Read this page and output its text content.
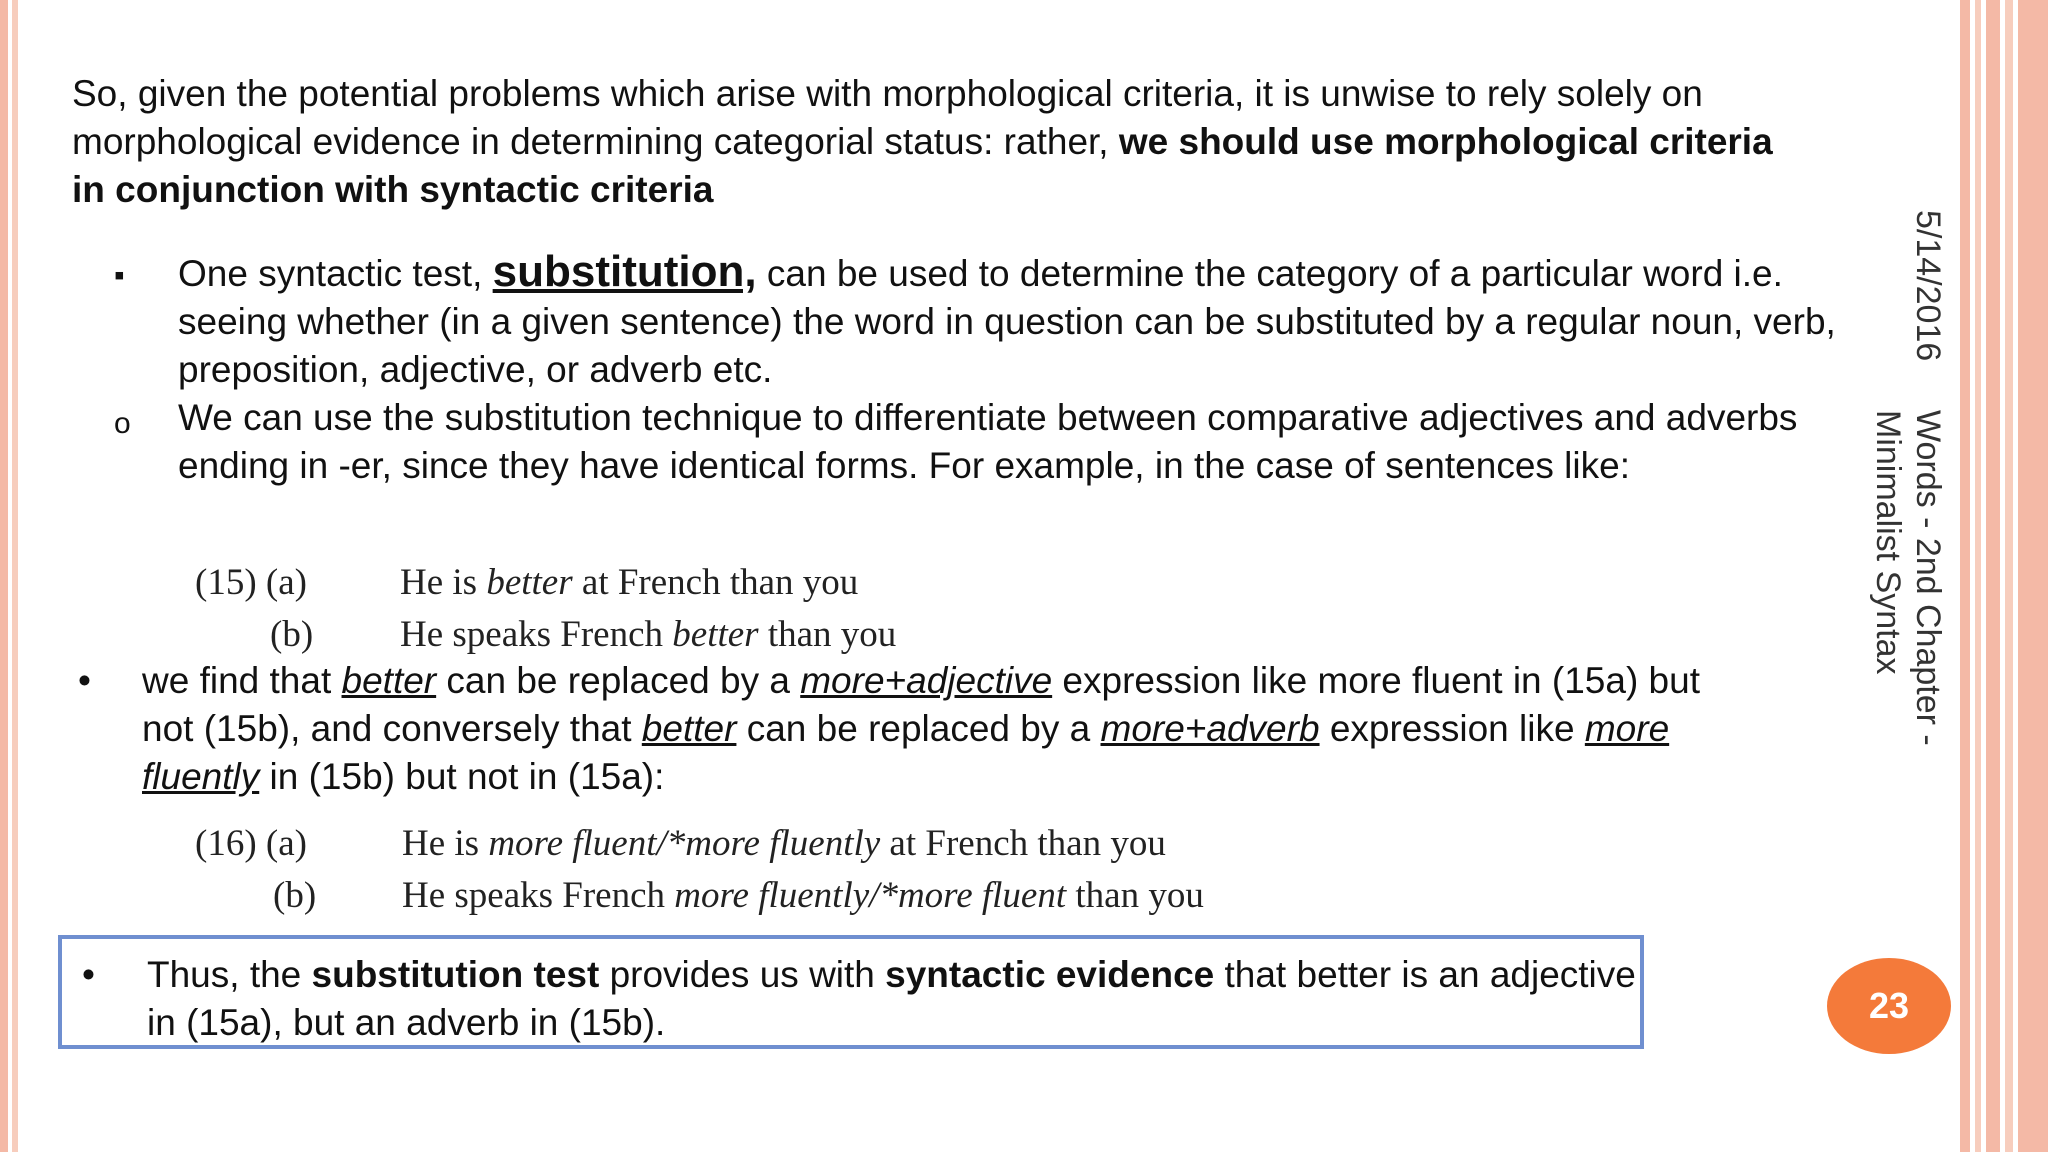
So, given the potential problems which arise with morphological criteria, it is unwise to rely solely on morphological evidence in determining categorial status: rather, we should use morphological criteria in conjunction with syntactic criteria

▪ One syntactic test, substitution, can be used to determine the category of a particular word i.e. seeing whether (in a given sentence) the word in question can be substituted by a regular noun, verb, preposition, adjective, or adverb etc.
o We can use the substitution technique to differentiate between comparative adjectives and adverbs ending in -er, since they have identical forms. For example, in the case of sentences like:
(15) (a)	He is better at French than you
(b) He speaks French better than you
• we find that better can be replaced by a more+adjective expression like more fluent in (15a) but not (15b), and conversely that better can be replaced by a more+adverb expression like more fluently in (15b) but not in (15a):
(16) (a)	He is more fluent/*more fluently at French than you
(b) He speaks French more fluently/*more fluent than you
• Thus, the substitution test provides us with syntactic evidence that better is an adjective in (15a), but an adverb in (15b).
5/14/2016
Words - 2nd Chapter -
Minimalist Syntax
23
